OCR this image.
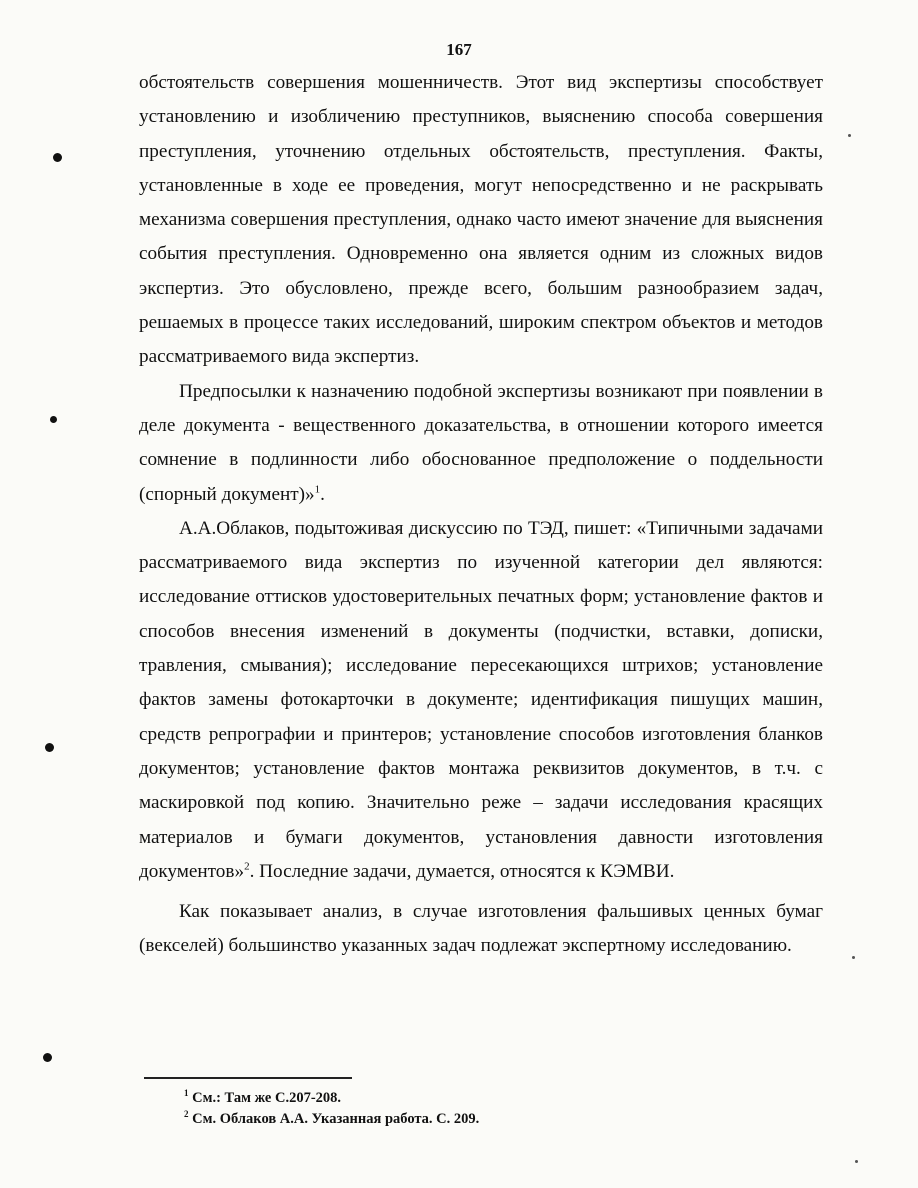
167

обстоятельств совершения мошенничеств. Этот вид экспертизы способствует установлению и изобличению преступников, выяснению способа совершения преступления, уточнению отдельных обстоятельств, преступления. Факты, установленные в ходе ее проведения, могут непосредственно и не раскрывать механизма совершения преступления, однако часто имеют значение для выяснения события преступления. Одновременно она является одним из сложных видов экспертиз. Это обусловлено, прежде всего, большим разнообразием задач, решаемых в процессе таких исследований, широким спектром объектов и методов рассматриваемого вида экспертиз.

Предпосылки к назначению подобной экспертизы возникают при появлении в деле документа - вещественного доказательства, в отношении которого имеется сомнение в подлинности либо обоснованное предположение о поддельности (спорный документ)»$^1$.

А.А.Облаков, подытоживая дискуссию по ТЭД, пишет: «Типичными задачами рассматриваемого вида экспертиз по изученной категории дел являются: исследование оттисков удостоверительных печатных форм; установление фактов и способов внесения изменений в документы (подчистки, вставки, дописки, травления, смывания); исследование пересекающихся штрихов; установление фактов замены фотокарточки в документе; идентификация пишущих машин, средств репрографии и принтеров; установление способов изготовления бланков документов; установление фактов монтажа реквизитов документов, в т.ч. с маскировкой под копию. Значительно реже – задачи исследования красящих материалов и бумаги документов, установления давности изготовления документов»$^2$. Последние задачи, думается, относятся к КЭМВИ.

Как показывает анализ, в случае изготовления фальшивых ценных бумаг (векселей) большинство указанных задач подлежат экспертному исследованию.

$^1$ См.: Там же С.207-208.
$^2$ См. Облаков А.А. Указанная работа. С. 209.
